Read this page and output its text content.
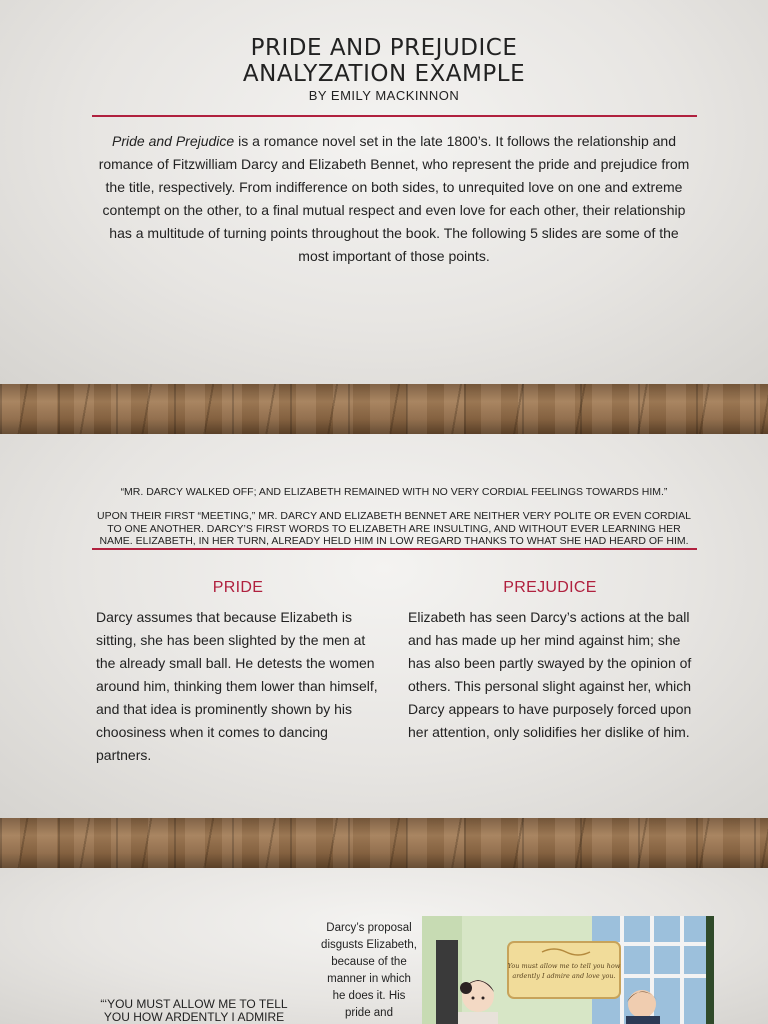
PRIDE AND PREJUDICE
ANALYZATION EXAMPLE
BY EMILY MACKINNON
Pride and Prejudice is a romance novel set in the late 1800’s. It follows the relationship and romance of Fitzwilliam Darcy and Elizabeth Bennet, who represent the pride and prejudice from the title, respectively. From indifference on both sides, to unrequited love on one and extreme contempt on the other, to a final mutual respect and even love for each other, their relationship has a multitude of turning points throughout the book. The following 5 slides are some of the most important of those points.
“MR. DARCY WALKED OFF; AND ELIZABETH REMAINED WITH NO VERY CORDIAL FEELINGS TOWARDS HIM.”
UPON THEIR FIRST “MEETING,” MR. DARCY AND ELIZABETH BENNET ARE NEITHER VERY POLITE OR EVEN CORDIAL TO ONE ANOTHER. DARCY’S FIRST WORDS TO ELIZABETH ARE INSULTING, AND WITHOUT EVER LEARNING HER NAME. ELIZABETH, IN HER TURN, ALREADY HELD HIM IN LOW REGARD THANKS TO WHAT SHE HAD HEARD OF HIM.
PRIDE
Darcy assumes that because Elizabeth is sitting, she has been slighted by the men at the already small ball. He detests the women around him, thinking them lower than himself, and that idea is prominently shown by his choosiness when it comes to dancing partners.
PREJUDICE
Elizabeth has seen Darcy’s actions at the ball and has made up her mind against him; she has also been partly swayed by the opinion of others. This personal slight against her, which Darcy appears to have purposely forced upon her attention, only solidifies her dislike of him.
“‘YOU MUST ALLOW ME TO TELL YOU HOW ARDENTLY I ADMIRE
Darcy’s proposal disgusts Elizabeth, because of the manner in which he does it. His pride and
You must allow me to tell you how
ardently I admire and love you.
